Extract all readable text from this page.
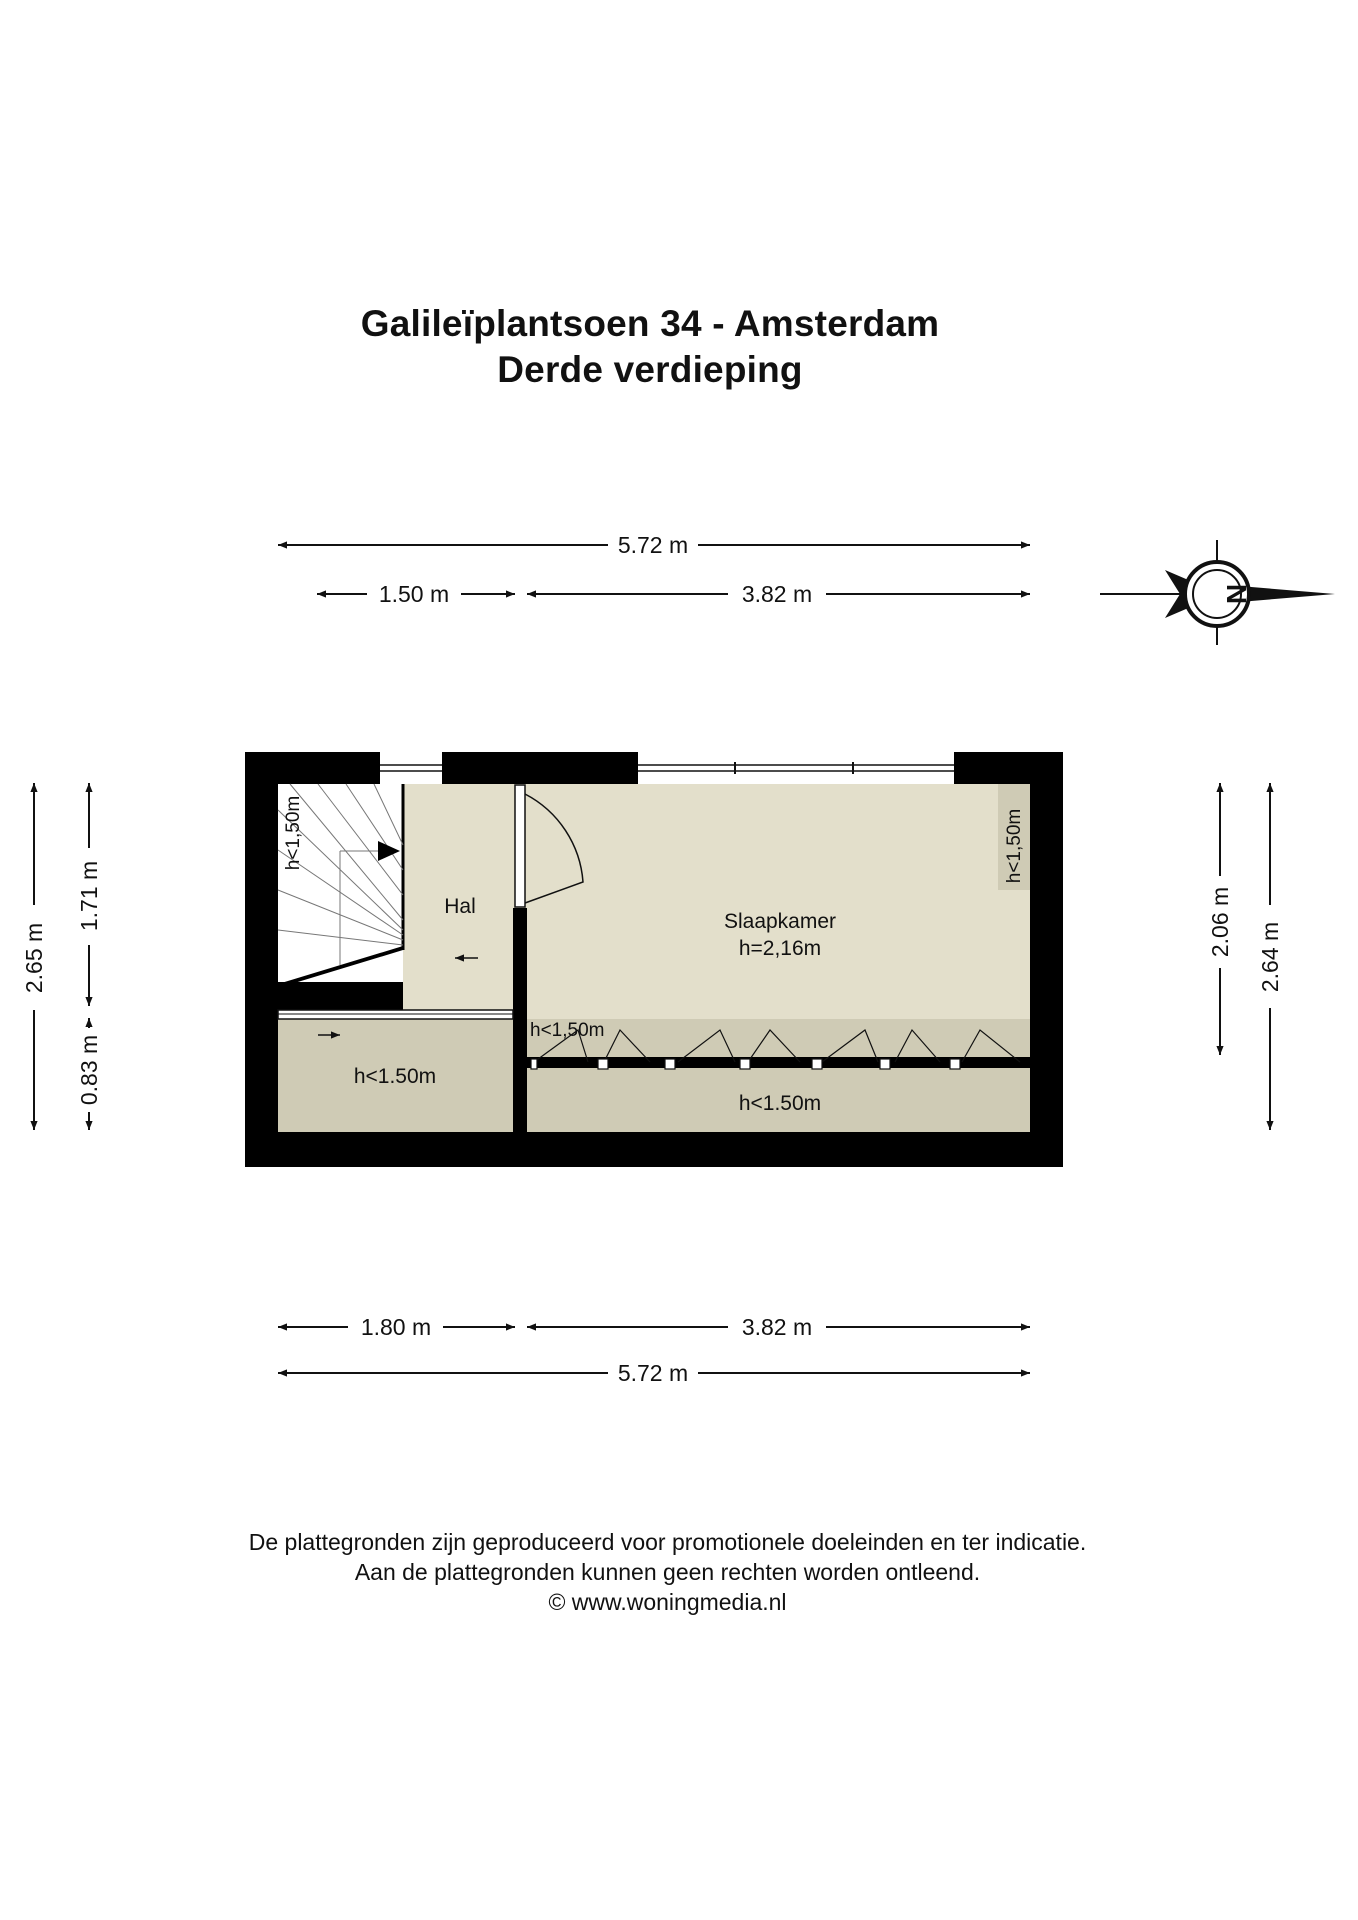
Galileïplantsoen 34 - Amsterdam
Derde verdieping
5.72 m
1.50 m	3.82 m
2.65 m
1.71 m
0.83 m
2.06 m 2.64 m
N
Hal
Slaapkamer
h=2,16m
h<1,50m	h<1,50m
h<1,50m
h<1.50m
h<1.50m
1.80 m	3.82 m
5.72 m
De plattegronden zijn geproduceerd voor promotionele doeleinden en ter indicatie.
Aan de plattegronden kunnen geen rechten worden ontleend.
© www.woningmedia.nl
